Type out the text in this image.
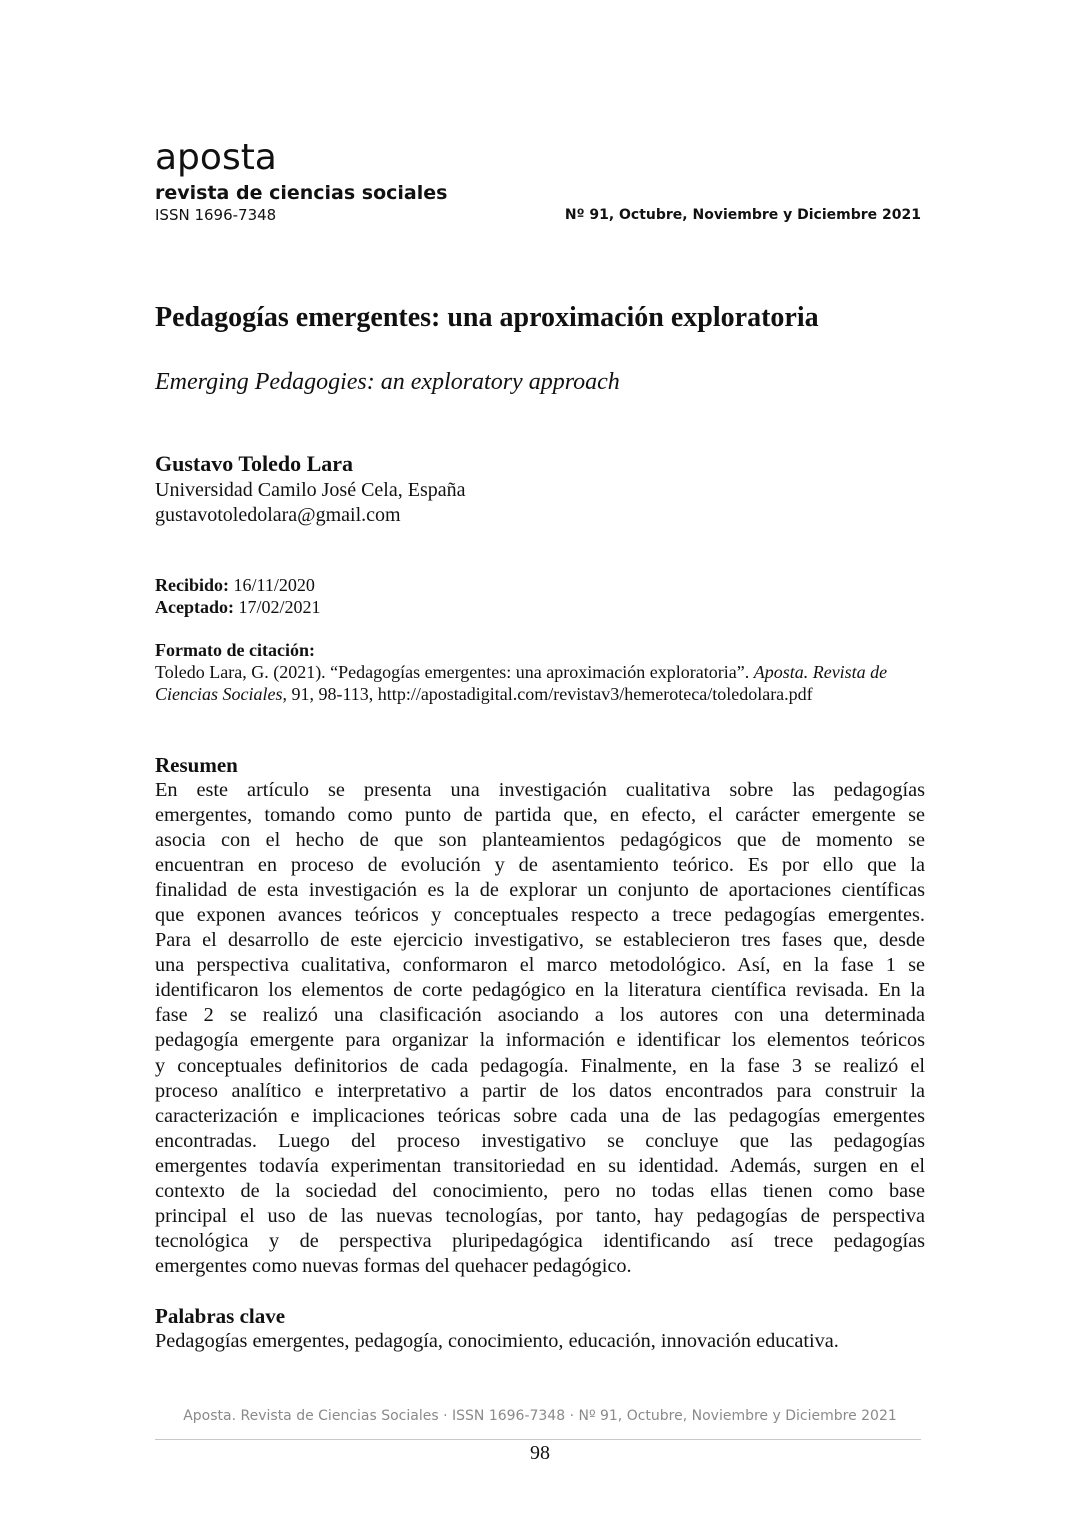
aposta
revista de ciencias sociales
ISSN 1696-7348	Nº 91, Octubre, Noviembre y Diciembre 2021
Pedagogías emergentes: una aproximación exploratoria
Emerging Pedagogies: an exploratory approach
Gustavo Toledo Lara
Universidad Camilo José Cela, España
gustavotoledolara@gmail.com
Recibido: 16/11/2020
Aceptado: 17/02/2021
Formato de citación:
Toledo Lara, G. (2021). “Pedagogías emergentes: una aproximación exploratoria”. Aposta. Revista de Ciencias Sociales, 91, 98-113, http://apostadigital.com/revistav3/hemeroteca/toledolara.pdf
Resumen
En este artículo se presenta una investigación cualitativa sobre las pedagogías
emergentes, tomando como punto de partida que, en efecto, el carácter emergente se
asocia con el hecho de que son planteamientos pedagógicos que de momento se
encuentran en proceso de evolución y de asentamiento teórico. Es por ello que la
finalidad de esta investigación es la de explorar un conjunto de aportaciones científicas
que exponen avances teóricos y conceptuales respecto a trece pedagogías emergentes.
Para el desarrollo de este ejercicio investigativo, se establecieron tres fases que, desde
una perspectiva cualitativa, conformaron el marco metodológico. Así, en la fase 1 se
identificaron los elementos de corte pedagógico en la literatura científica revisada. En la
fase 2 se realizó una clasificación asociando a los autores con una determinada
pedagogía emergente para organizar la información e identificar los elementos teóricos
y conceptuales definitorios de cada pedagogía. Finalmente, en la fase 3 se realizó el
proceso analítico e interpretativo a partir de los datos encontrados para construir la
caracterización e implicaciones teóricas sobre cada una de las pedagogías emergentes
encontradas. Luego del proceso investigativo se concluye que las pedagogías
emergentes todavía experimentan transitoriedad en su identidad. Además, surgen en el
contexto de la sociedad del conocimiento, pero no todas ellas tienen como base
principal el uso de las nuevas tecnologías, por tanto, hay pedagogías de perspectiva
tecnológica y de perspectiva pluripedagógica identificando así trece pedagogías
emergentes como nuevas formas del quehacer pedagógico.
Palabras clave
Pedagogías emergentes, pedagogía, conocimiento, educación, innovación educativa.
Aposta. Revista de Ciencias Sociales · ISSN 1696-7348 · Nº 91, Octubre, Noviembre y Diciembre 2021
98
